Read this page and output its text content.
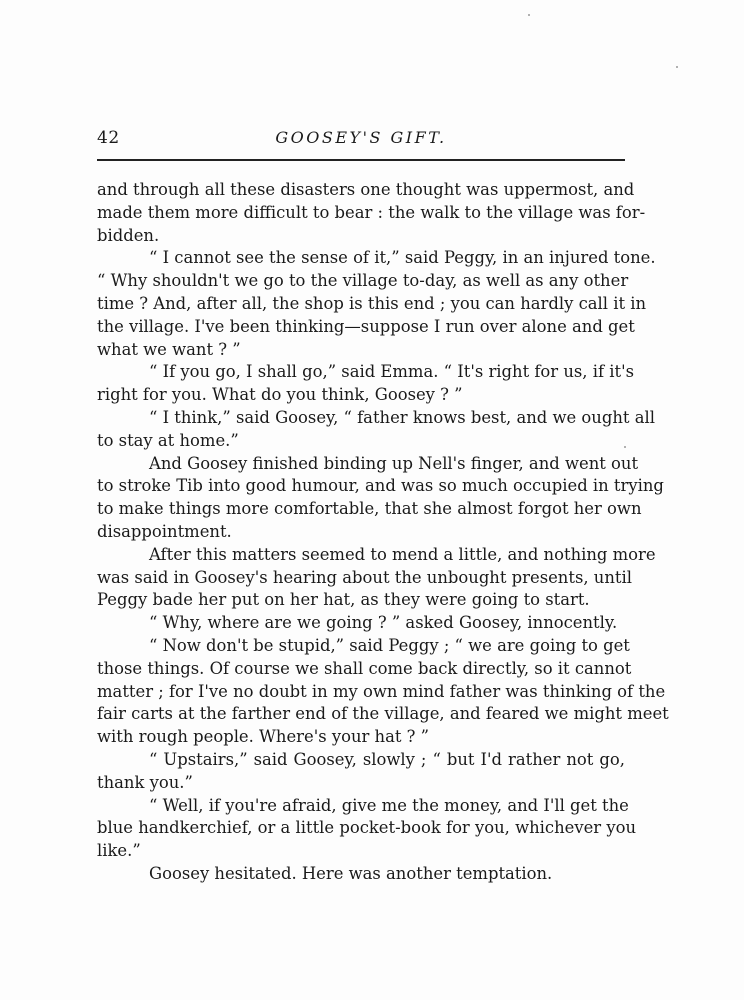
42	GOOSEY'S GIFT.
and through all these disasters one thought was uppermost, and
made them more difficult to bear : the walk to the village was for-
bidden.
“ I cannot see the sense of it,” said Peggy, in an injured tone.
“ Why shouldn't we go to the village to-day, as well as any other
time ? And, after all, the shop is this end ; you can hardly call it in
the village. I've been thinking—suppose I run over alone and get
what we want ? ”
“ If you go, I shall go,” said Emma. “ It's right for us, if it's
right for you. What do you think, Goosey ? ”
“ I think,” said Goosey, “ father knows best, and we ought all
to stay at home.”
And Goosey finished binding up Nell's finger, and went out
to stroke Tib into good humour, and was so much occupied in trying
to make things more comfortable, that she almost forgot her own
disappointment.
After this matters seemed to mend a little, and nothing more
was said in Goosey's hearing about the unbought presents, until
Peggy bade her put on her hat, as they were going to start.
“ Why, where are we going ? ” asked Goosey, innocently.
“ Now don't be stupid,” said Peggy ; “ we are going to get
those things. Of course we shall come back directly, so it cannot
matter ; for I've no doubt in my own mind father was thinking of the
fair carts at the farther end of the village, and feared we might meet
with rough people. Where's your hat ? ”
“ Upstairs,” said Goosey, slowly ; “ but I'd rather not go,
thank you.”
“ Well, if you're afraid, give me the money, and I'll get the
blue handkerchief, or a little pocket-book for you, whichever you
like.”
Goosey hesitated. Here was another temptation.
